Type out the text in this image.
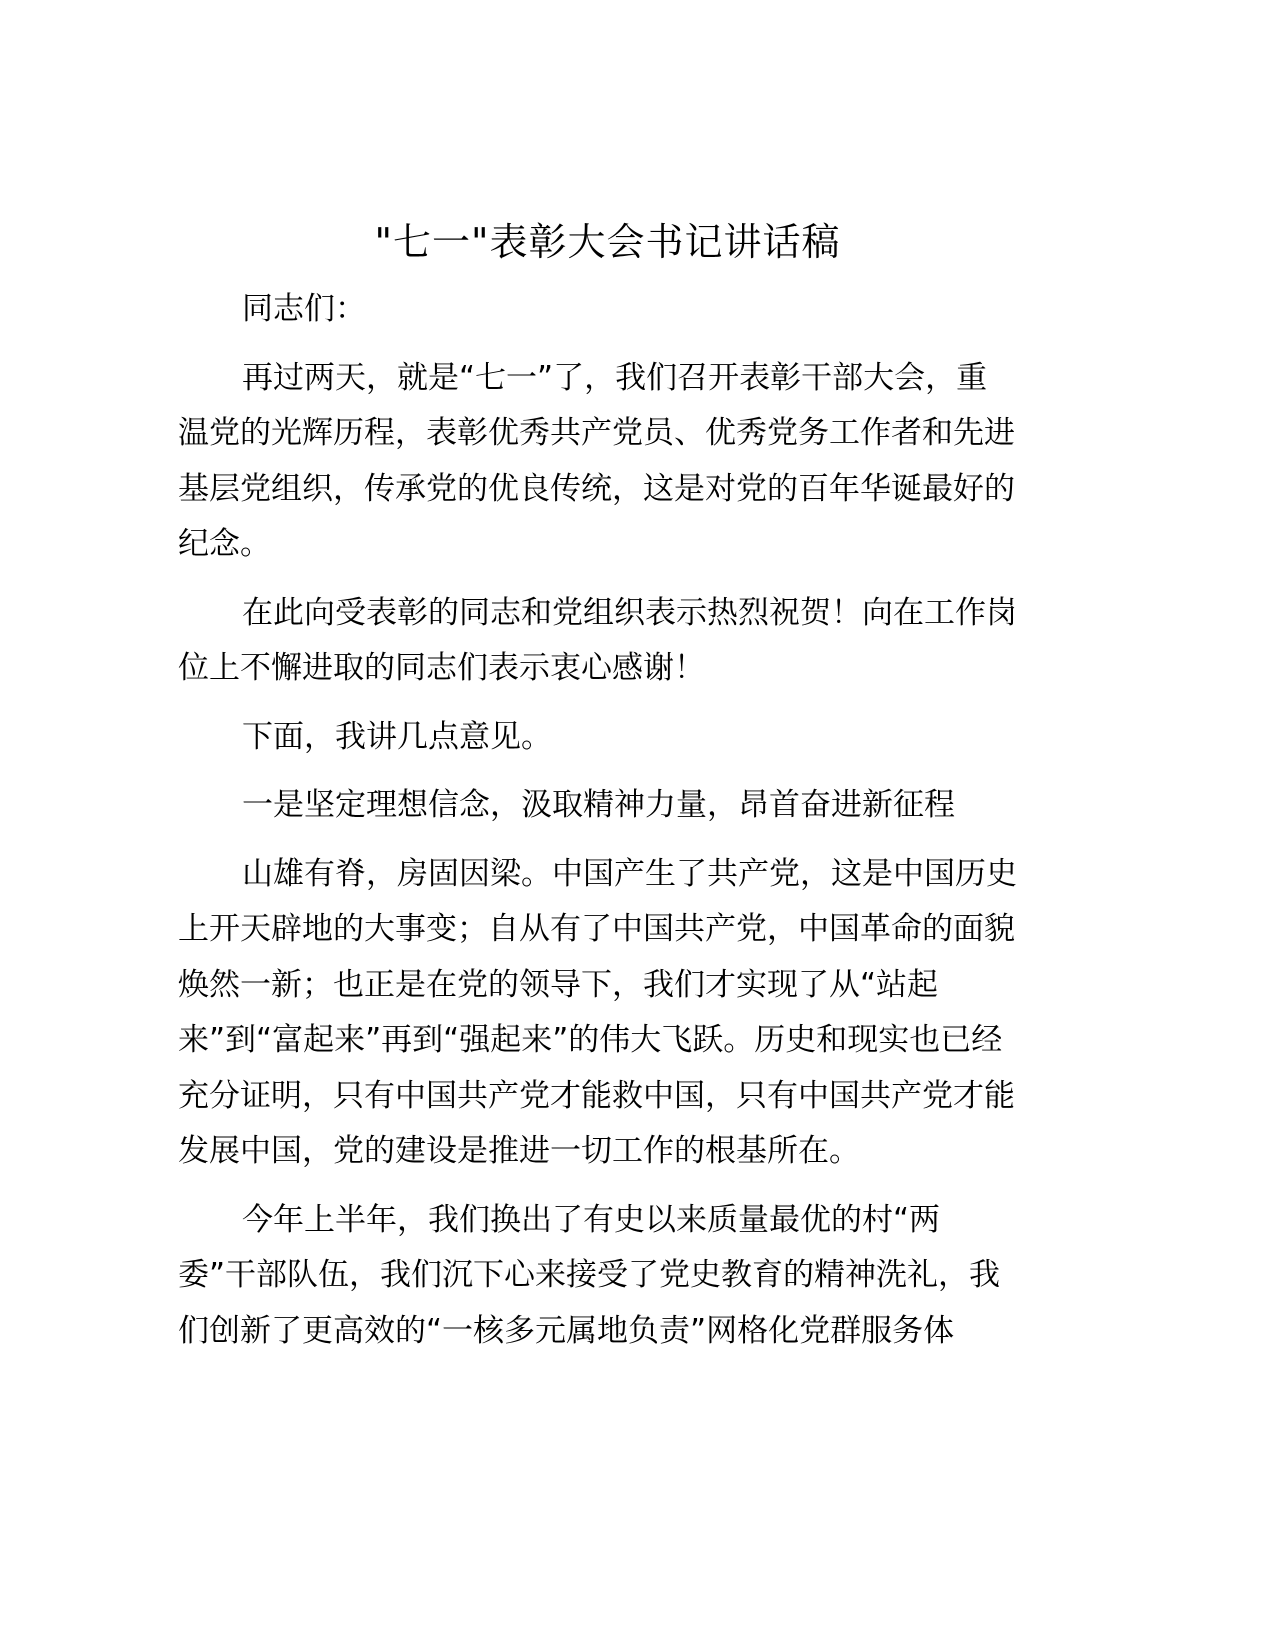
"七一"表彰大会书记讲话稿

同志们：

再过两天，就是“七一”了，我们召开表彰干部大会，重
温党的光辉历程，表彰优秀共产党员、优秀党务工作者和先进
基层党组织，传承党的优良传统，这是对党的百年华诞最好的
纪念。

在此向受表彰的同志和党组织表示热烈祝贺！向在工作岗
位上不懈进取的同志们表示衷心感谢！

下面，我讲几点意见。

一是坚定理想信念，汲取精神力量，昂首奋进新征程

山雄有脊，房固因梁。中国产生了共产党，这是中国历史
上开天辟地的大事变；自从有了中国共产党，中国革命的面貌
焕然一新；也正是在党的领导下，我们才实现了从“站起
来”到“富起来”再到“强起来”的伟大飞跃。历史和现实也已经
充分证明，只有中国共产党才能救中国，只有中国共产党才能
发展中国，党的建设是推进一切工作的根基所在。

今年上半年，我们换出了有史以来质量最优的村“两
委”干部队伍，我们沉下心来接受了党史教育的精神洗礼，我
们创新了更高效的“一核多元属地负责”网格化党群服务体
